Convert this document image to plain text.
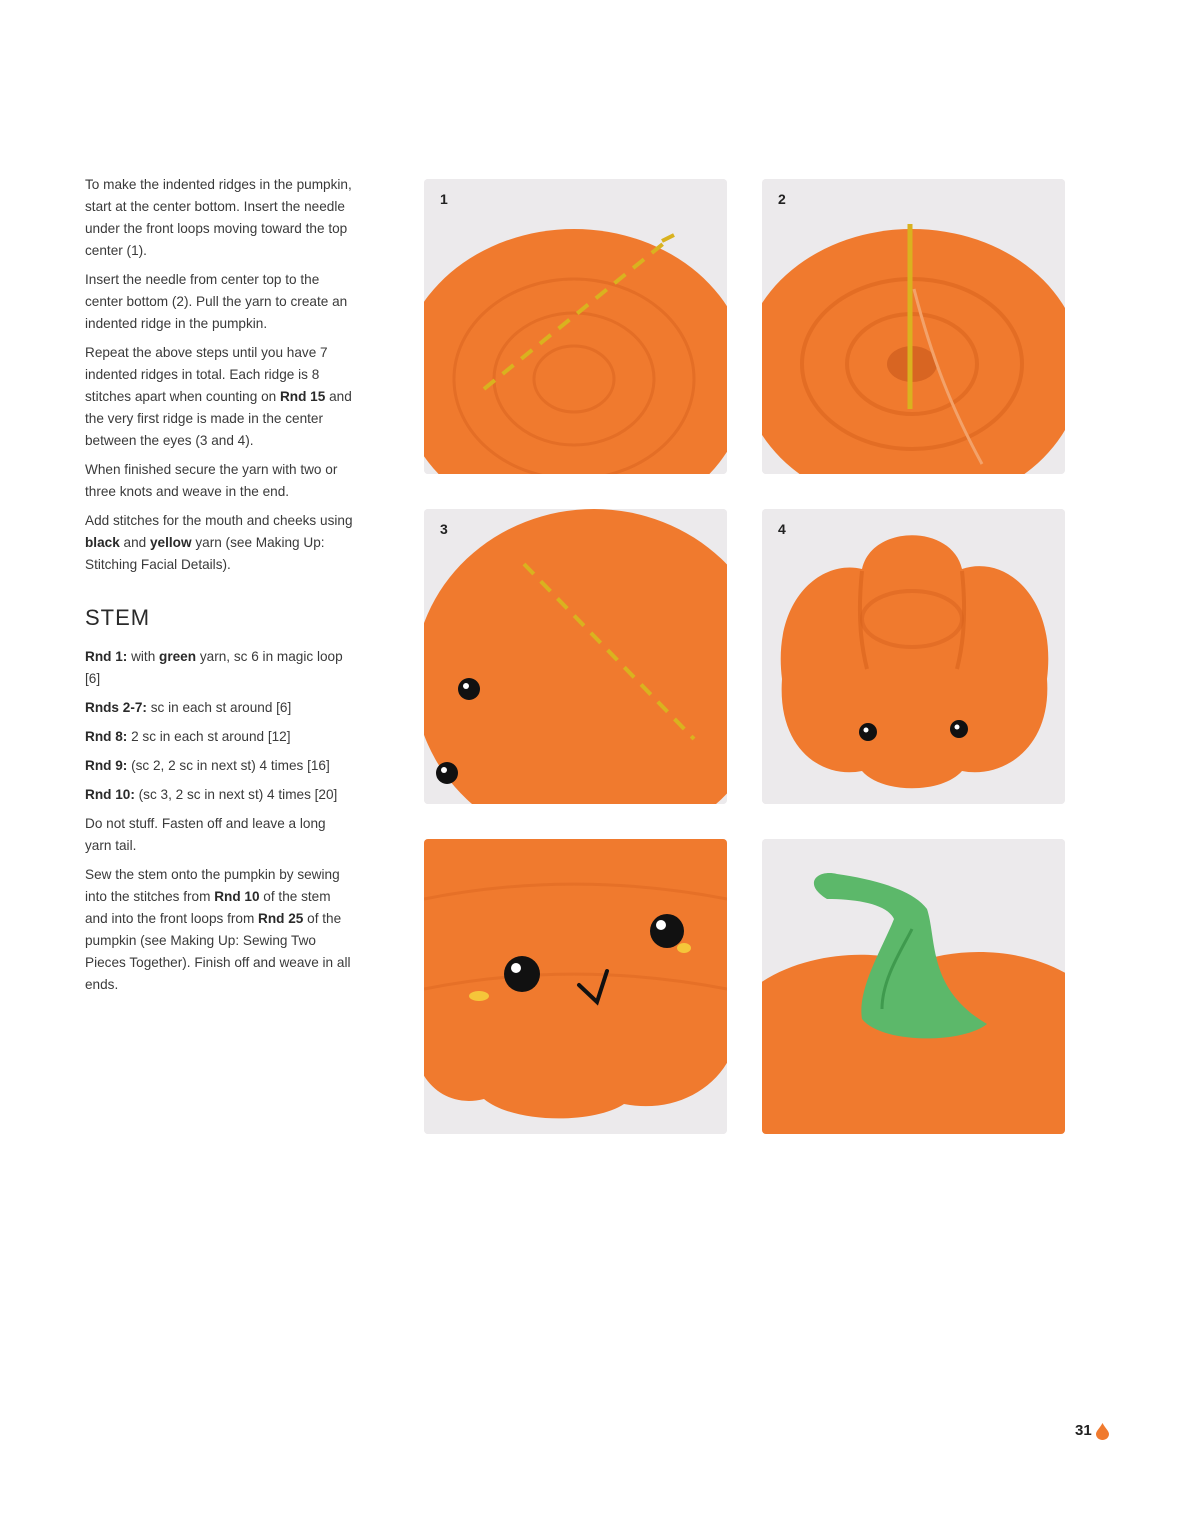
To make the indented ridges in the pumpkin, start at the center bottom. Insert the needle under the front loops moving toward the top center (1).

Insert the needle from center top to the center bottom (2). Pull the yarn to create an indented ridge in the pumpkin.

Repeat the above steps until you have 7 indented ridges in total. Each ridge is 8 stitches apart when counting on Rnd 15 and the very first ridge is made in the center between the eyes (3 and 4).

When finished secure the yarn with two or three knots and weave in the end.

Add stitches for the mouth and cheeks using black and yellow yarn (see Making Up: Stitching Facial Details).

STEM

Rnd 1: with green yarn, sc 6 in magic loop [6]

Rnds 2-7: sc in each st around [6]

Rnd 8: 2 sc in each st around [12]

Rnd 9: (sc 2, 2 sc in next st) 4 times [16]

Rnd 10: (sc 3, 2 sc in next st) 4 times [20]

Do not stuff. Fasten off and leave a long yarn tail.

Sew the stem onto the pumpkin by sewing into the stitches from Rnd 10 of the stem and into the front loops from Rnd 25 of the pumpkin (see Making Up: Sewing Two Pieces Together). Finish off and weave in all ends.

1	2
3	4
31
